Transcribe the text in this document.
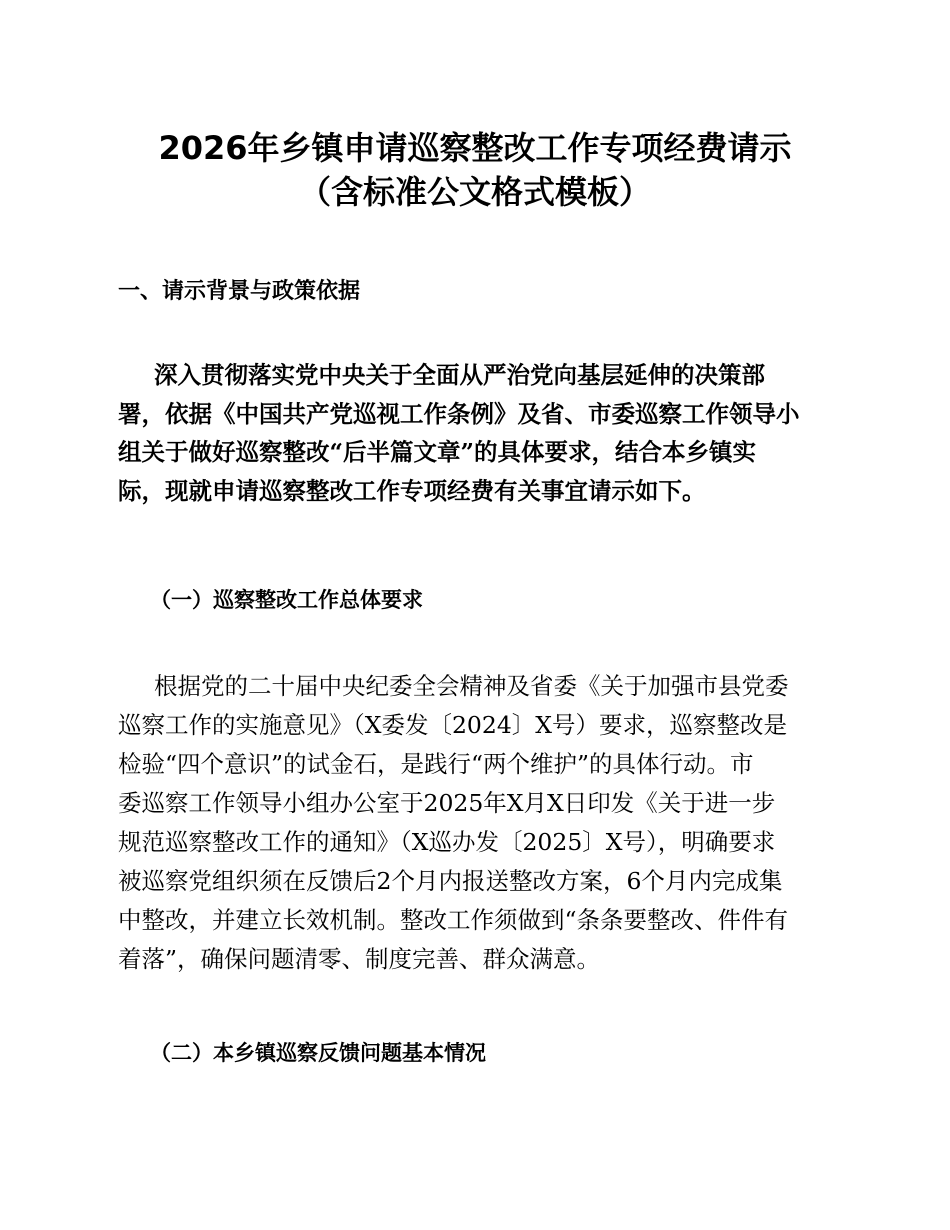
2026年乡镇申请巡察整改工作专项经费请示
（含标准公文格式模板）
一、请示背景与政策依据
深入贯彻落实党中央关于全面从严治党向基层延伸的决策部
署，依据《中国共产党巡视工作条例》及省、市委巡察工作领导小
组关于做好巡察整改“后半篇文章”的具体要求，结合本乡镇实
际，现就申请巡察整改工作专项经费有关事宜请示如下。
（一）巡察整改工作总体要求
根据党的二十届中央纪委全会精神及省委《关于加强市县党委
巡察工作的实施意见》（X委发〔2024〕X号）要求，巡察整改是
检验“四个意识”的试金石，是践行“两个维护”的具体行动。市
委巡察工作领导小组办公室于2025年X月X日印发《关于进一步
规范巡察整改工作的通知》（X巡办发〔2025〕X号），明确要求
被巡察党组织须在反馈后2个月内报送整改方案，6个月内完成集
中整改，并建立长效机制。整改工作须做到“条条要整改、件件有
着落”，确保问题清零、制度完善、群众满意。
（二）本乡镇巡察反馈问题基本情况
